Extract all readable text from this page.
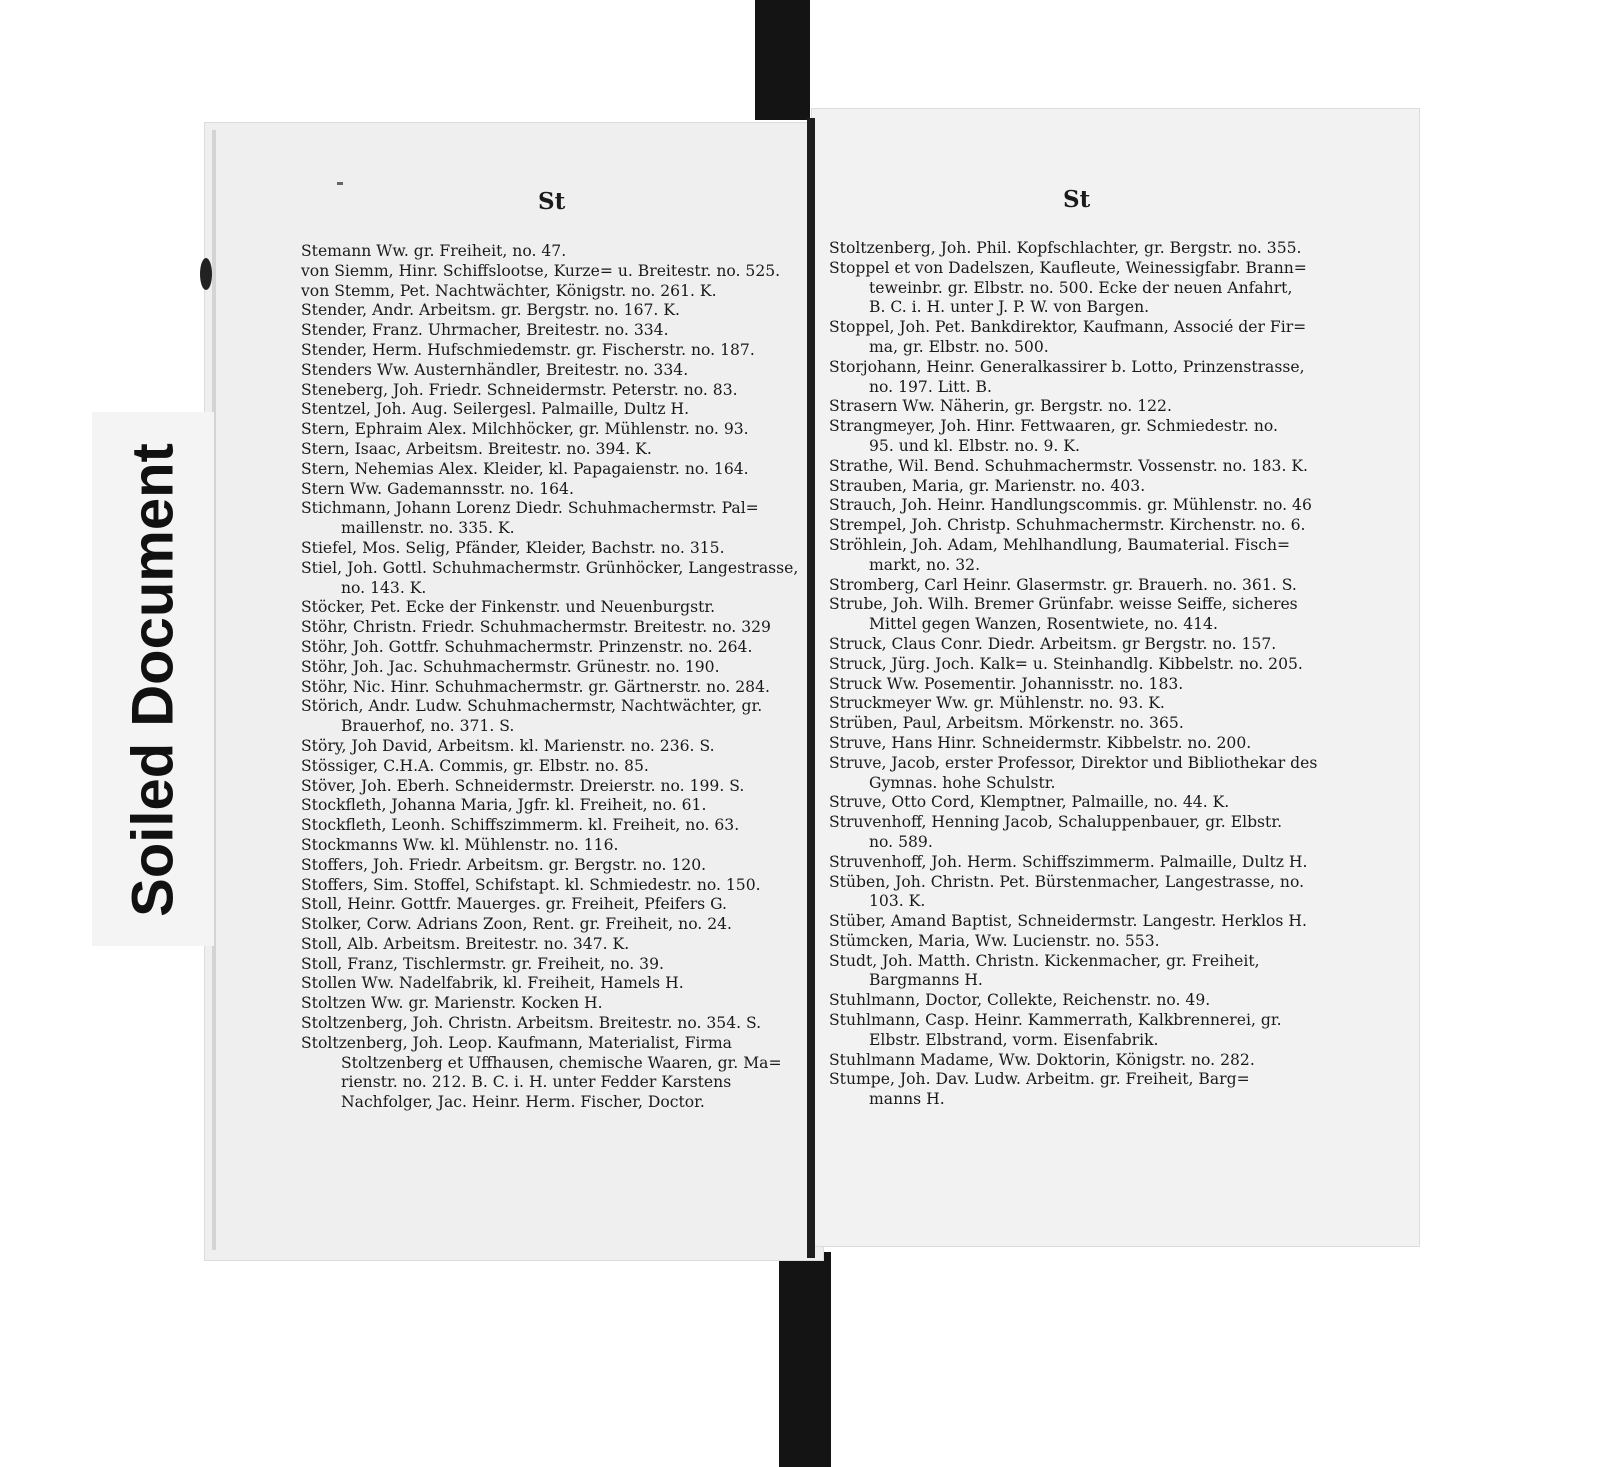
Soiled Document
St	St
Stemann Ww. gr. Freiheit, no. 47.
von Siemm, Hinr. Schiffslootse, Kurze= u. Breitestr. no. 525.
von Stemm, Pet. Nachtwächter, Königstr. no. 261. K.
Stender, Andr. Arbeitsm. gr. Bergstr. no. 167. K.
Stender, Franz. Uhrmacher, Breitestr. no. 334.
Stender, Herm. Hufschmiedemstr. gr. Fischerstr. no. 187.
Stenders Ww. Austernhändler, Breitestr. no. 334.
Steneberg, Joh. Friedr. Schneidermstr. Peterstr. no. 83.
Stentzel, Joh. Aug. Seilergesl. Palmaille, Dultz H.
Stern, Ephraim Alex. Milchhöcker, gr. Mühlenstr. no. 93.
Stern, Isaac, Arbeitsm. Breitestr. no. 394. K.
Stern, Nehemias Alex. Kleider, kl. Papagaienstr. no. 164.
Stern Ww. Gademannsstr. no. 164.
Stichmann, Johann Lorenz Diedr. Schuhmachermstr. Pal=
maillenstr. no. 335. K.
Stiefel, Mos. Selig, Pfänder, Kleider, Bachstr. no. 315.
Stiel, Joh. Gottl. Schuhmachermstr. Grünhöcker, Langestrasse,
no. 143. K.
Stöcker, Pet. Ecke der Finkenstr. und Neuenburgstr.
Stöhr, Christn. Friedr. Schuhmachermstr. Breitestr. no. 329
Stöhr, Joh. Gottfr. Schuhmachermstr. Prinzenstr. no. 264.
Stöhr, Joh. Jac. Schuhmachermstr. Grünestr. no. 190.
Stöhr, Nic. Hinr. Schuhmachermstr. gr. Gärtnerstr. no. 284.
Störich, Andr. Ludw. Schuhmachermstr, Nachtwächter, gr.
Brauerhof, no. 371. S.
Störy, Joh David, Arbeitsm. kl. Marienstr. no. 236. S.
Stössiger, C.H.A. Commis, gr. Elbstr. no. 85.
Stöver, Joh. Eberh. Schneidermstr. Dreierstr. no. 199. S.
Stockfleth, Johanna Maria, Jgfr. kl. Freiheit, no. 61.
Stockfleth, Leonh. Schiffszimmerm. kl. Freiheit, no. 63.
Stockmanns Ww. kl. Mühlenstr. no. 116.
Stoffers, Joh. Friedr. Arbeitsm. gr. Bergstr. no. 120.
Stoffers, Sim. Stoffel, Schifstapt. kl. Schmiedestr. no. 150.
Stoll, Heinr. Gottfr. Mauerges. gr. Freiheit, Pfeifers G.
Stolker, Corw. Adrians Zoon, Rent. gr. Freiheit, no. 24.
Stoll, Alb. Arbeitsm. Breitestr. no. 347. K.
Stoll, Franz, Tischlermstr. gr. Freiheit, no. 39.
Stollen Ww. Nadelfabrik, kl. Freiheit, Hamels H.
Stoltzen Ww. gr. Marienstr. Kocken H.
Stoltzenberg, Joh. Christn. Arbeitsm. Breitestr. no. 354. S.
Stoltzenberg, Joh. Leop. Kaufmann, Materialist, Firma
Stoltzenberg et Uffhausen, chemische Waaren, gr. Ma=
rienstr. no. 212. B. C. i. H. unter Fedder Karstens
Nachfolger, Jac. Heinr. Herm. Fischer, Doctor.
Stoltzenberg, Joh. Phil. Kopfschlachter, gr. Bergstr. no. 355.
Stoppel et von Dadelszen, Kaufleute, Weinessigfabr. Brann=
teweinbr. gr. Elbstr. no. 500. Ecke der neuen Anfahrt,
B. C. i. H. unter J. P. W. von Bargen.
Stoppel, Joh. Pet. Bankdirektor, Kaufmann, Associé der Fir=
ma, gr. Elbstr. no. 500.
Storjohann, Heinr. Generalkassirer b. Lotto, Prinzenstrasse,
no. 197. Litt. B.
Strasern Ww. Näherin, gr. Bergstr. no. 122.
Strangmeyer, Joh. Hinr. Fettwaaren, gr. Schmiedestr. no.
95. und kl. Elbstr. no. 9. K.
Strathe, Wil. Bend. Schuhmachermstr. Vossenstr. no. 183. K.
Strauben, Maria, gr. Marienstr. no. 403.
Strauch, Joh. Heinr. Handlungscommis. gr. Mühlenstr. no. 46
Strempel, Joh. Christp. Schuhmachermstr. Kirchenstr. no. 6.
Ströhlein, Joh. Adam, Mehlhandlung, Baumaterial. Fisch=
markt, no. 32.
Stromberg, Carl Heinr. Glasermstr. gr. Brauerh. no. 361. S.
Strube, Joh. Wilh. Bremer Grünfabr. weisse Seiffe, sicheres
Mittel gegen Wanzen, Rosentwiete, no. 414.
Struck, Claus Conr. Diedr. Arbeitsm. gr Bergstr. no. 157.
Struck, Jürg. Joch. Kalk= u. Steinhandlg. Kibbelstr. no. 205.
Struck Ww. Posementir. Johannisstr. no. 183.
Struckmeyer Ww. gr. Mühlenstr. no. 93. K.
Strüben, Paul, Arbeitsm. Mörkenstr. no. 365.
Struve, Hans Hinr. Schneidermstr. Kibbelstr. no. 200.
Struve, Jacob, erster Professor, Direktor und Bibliothekar des
Gymnas. hohe Schulstr.
Struve, Otto Cord, Klemptner, Palmaille, no. 44. K.
Struvenhoff, Henning Jacob, Schaluppenbauer, gr. Elbstr.
no. 589.
Struvenhoff, Joh. Herm. Schiffszimmerm. Palmaille, Dultz H.
Stüben, Joh. Christn. Pet. Bürstenmacher, Langestrasse, no.
103. K.
Stüber, Amand Baptist, Schneidermstr. Langestr. Herklos H.
Stümcken, Maria, Ww. Lucienstr. no. 553.
Studt, Joh. Matth. Christn. Kickenmacher, gr. Freiheit,
Bargmanns H.
Stuhlmann, Doctor, Collekte, Reichenstr. no. 49.
Stuhlmann, Casp. Heinr. Kammerrath, Kalkbrennerei, gr.
Elbstr. Elbstrand, vorm. Eisenfabrik.
Stuhlmann Madame, Ww. Doktorin, Königstr. no. 282.
Stumpe, Joh. Dav. Ludw. Arbeitm. gr. Freiheit, Barg=
manns H.
